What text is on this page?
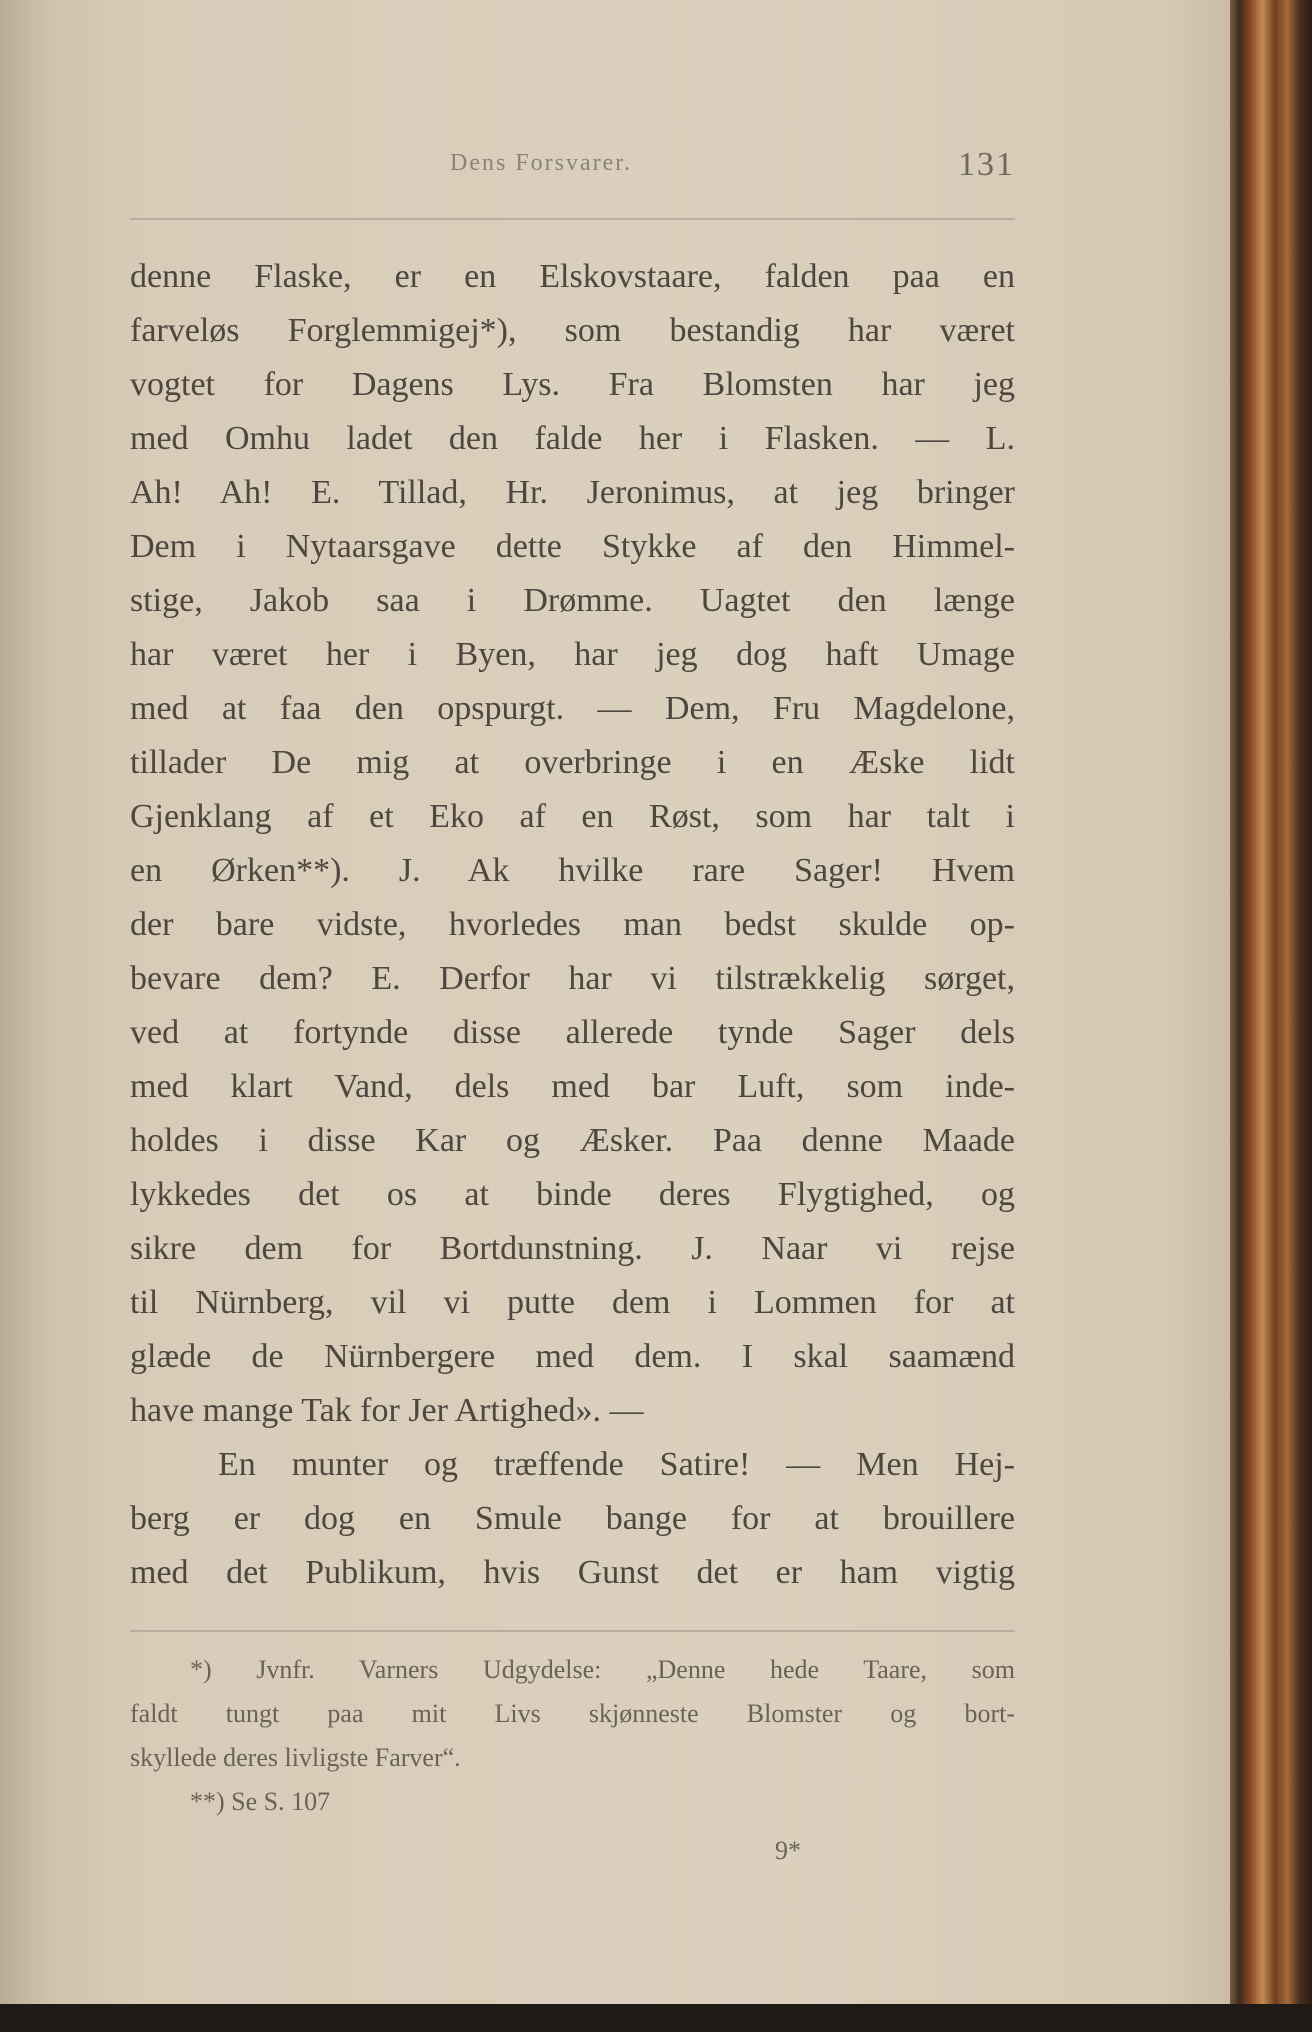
Dens Forsvarer.	131
denne Flaske, er en Elskovstaare, falden paa en
farveløs Forglemmigej*), som bestandig har været
vogtet for Dagens Lys. Fra Blomsten har jeg
med Omhu ladet den falde her i Flasken. — L.
Ah! Ah! E. Tillad, Hr. Jeronimus, at jeg bringer
Dem i Nytaarsgave dette Stykke af den Himmel-
stige, Jakob saa i Drømme. Uagtet den længe
har været her i Byen, har jeg dog haft Umage
med at faa den opspurgt. — Dem, Fru Magdelone,
tillader De mig at overbringe i en Æske lidt
Gjenklang af et Eko af en Røst, som har talt i
en Ørken**). J. Ak hvilke rare Sager! Hvem
der bare vidste, hvorledes man bedst skulde op-
bevare dem? E. Derfor har vi tilstrækkelig sørget,
ved at fortynde disse allerede tynde Sager dels
med klart Vand, dels med bar Luft, som inde-
holdes i disse Kar og Æsker. Paa denne Maade
lykkedes det os at binde deres Flygtighed, og
sikre dem for Bortdunstning. J. Naar vi rejse
til Nürnberg, vil vi putte dem i Lommen for at
glæde de Nürnbergere med dem. I skal saamænd
have mange Tak for Jer Artighed». —
En munter og træffende Satire! — Men Hej-
berg er dog en Smule bange for at brouillere
med det Publikum, hvis Gunst det er ham vigtig
*) Jvnfr. Varners Udgydelse: „Denne hede Taare, som
faldt tungt paa mit Livs skjønneste Blomster og bort-
skyllede deres livligste Farver“.
**) Se S. 107
9*
